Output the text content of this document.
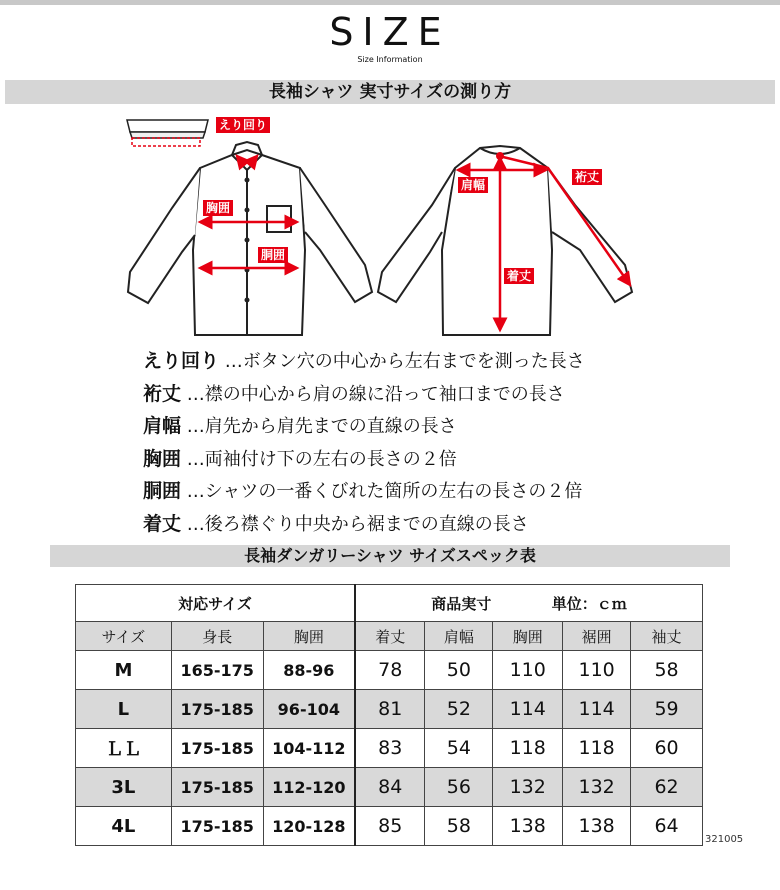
SIZE
Size Information
長袖シャツ 実寸サイズの測り方
えり回り
胸囲
胴囲
肩幅
裄丈
着丈
えり回り …ボタン穴の中心から左右までを測った長さ
裄丈 …襟の中心から肩の線に沿って袖口までの長さ
肩幅 …肩先から肩先までの直線の長さ
胸囲 …両袖付け下の左右の長さの２倍
胴囲 …シャツの一番くびれた箇所の左右の長さの２倍
着丈 …後ろ襟ぐり中央から裾までの直線の長さ
長袖ダンガリーシャツ サイズスペック表
対応サイズ			商品実寸 単位：ｃｍ				
サイズ	身長	胸囲	着丈	肩幅	胸囲	裾囲	袖丈
M	165-175	88-96	78	50	110	110	58
L	175-185	96-104	81	52	114	114	59
ＬＬ	175-185	104-112	83	54	118	118	60
3L	175-185	112-120	84	56	132	132	62
4L	175-185	120-128	85	58	138	138	64
321005
